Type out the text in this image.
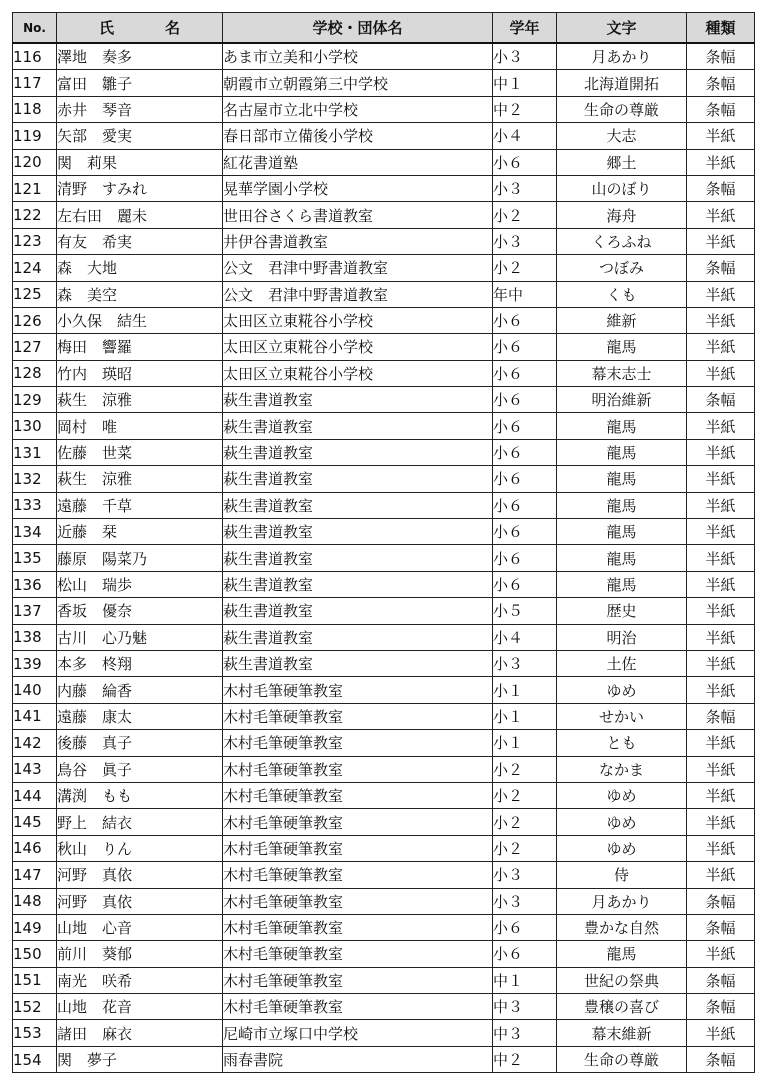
No.	氏　名	学校・団体名	学年	文字	種類
116	澤地　奏多	あま市立美和小学校	小３	月あかり	条幅
117	富田　雛子	朝霞市立朝霞第三中学校	中１	北海道開拓	条幅
118	赤井　琴音	名古屋市立北中学校	中２	生命の尊厳	条幅
119	矢部　愛実	春日部市立備後小学校	小４	大志	半紙
120	関　莉果	紅花書道塾	小６	郷土	半紙
121	清野　すみれ	晃華学園小学校	小３	山のぼり	条幅
122	左右田　麗未	世田谷さくら書道教室	小２	海舟	半紙
123	有友　希実	井伊谷書道教室	小３	くろふね	半紙
124	森　大地	公文　君津中野書道教室	小２	つぼみ	条幅
125	森　美空	公文　君津中野書道教室	年中	くも	半紙
126	小久保　結生	太田区立東糀谷小学校	小６	維新	半紙
127	梅田　響羅	太田区立東糀谷小学校	小６	龍馬	半紙
128	竹内　瑛昭	太田区立東糀谷小学校	小６	幕末志士	半紙
129	萩生　涼雅	萩生書道教室	小６	明治維新	条幅
130	岡村　唯	萩生書道教室	小６	龍馬	半紙
131	佐藤　世菜	萩生書道教室	小６	龍馬	半紙
132	萩生　涼雅	萩生書道教室	小６	龍馬	半紙
133	遠藤　千草	萩生書道教室	小６	龍馬	半紙
134	近藤　栞	萩生書道教室	小６	龍馬	半紙
135	藤原　陽菜乃	萩生書道教室	小６	龍馬	半紙
136	松山　瑞歩	萩生書道教室	小６	龍馬	半紙
137	香坂　優奈	萩生書道教室	小５	歴史	半紙
138	古川　心乃魅	萩生書道教室	小４	明治	半紙
139	本多　柊翔	萩生書道教室	小３	土佐	半紙
140	内藤　綸香	木村毛筆硬筆教室	小１	ゆめ	半紙
141	遠藤　康太	木村毛筆硬筆教室	小１	せかい	条幅
142	後藤　真子	木村毛筆硬筆教室	小１	とも	半紙
143	鳥谷　眞子	木村毛筆硬筆教室	小２	なかま	半紙
144	溝渕　もも	木村毛筆硬筆教室	小２	ゆめ	半紙
145	野上　結衣	木村毛筆硬筆教室	小２	ゆめ	半紙
146	秋山　りん	木村毛筆硬筆教室	小２	ゆめ	半紙
147	河野　真依	木村毛筆硬筆教室	小３	侍	半紙
148	河野　真依	木村毛筆硬筆教室	小３	月あかり	条幅
149	山地　心音	木村毛筆硬筆教室	小６	豊かな自然	条幅
150	前川　葵郁	木村毛筆硬筆教室	小６	龍馬	半紙
151	南光　咲希	木村毛筆硬筆教室	中１	世紀の祭典	条幅
152	山地　花音	木村毛筆硬筆教室	中３	豊穣の喜び	条幅
153	諸田　麻衣	尼崎市立塚口中学校	中３	幕末維新	半紙
154	関　夢子	雨春書院	中２	生命の尊厳	条幅
